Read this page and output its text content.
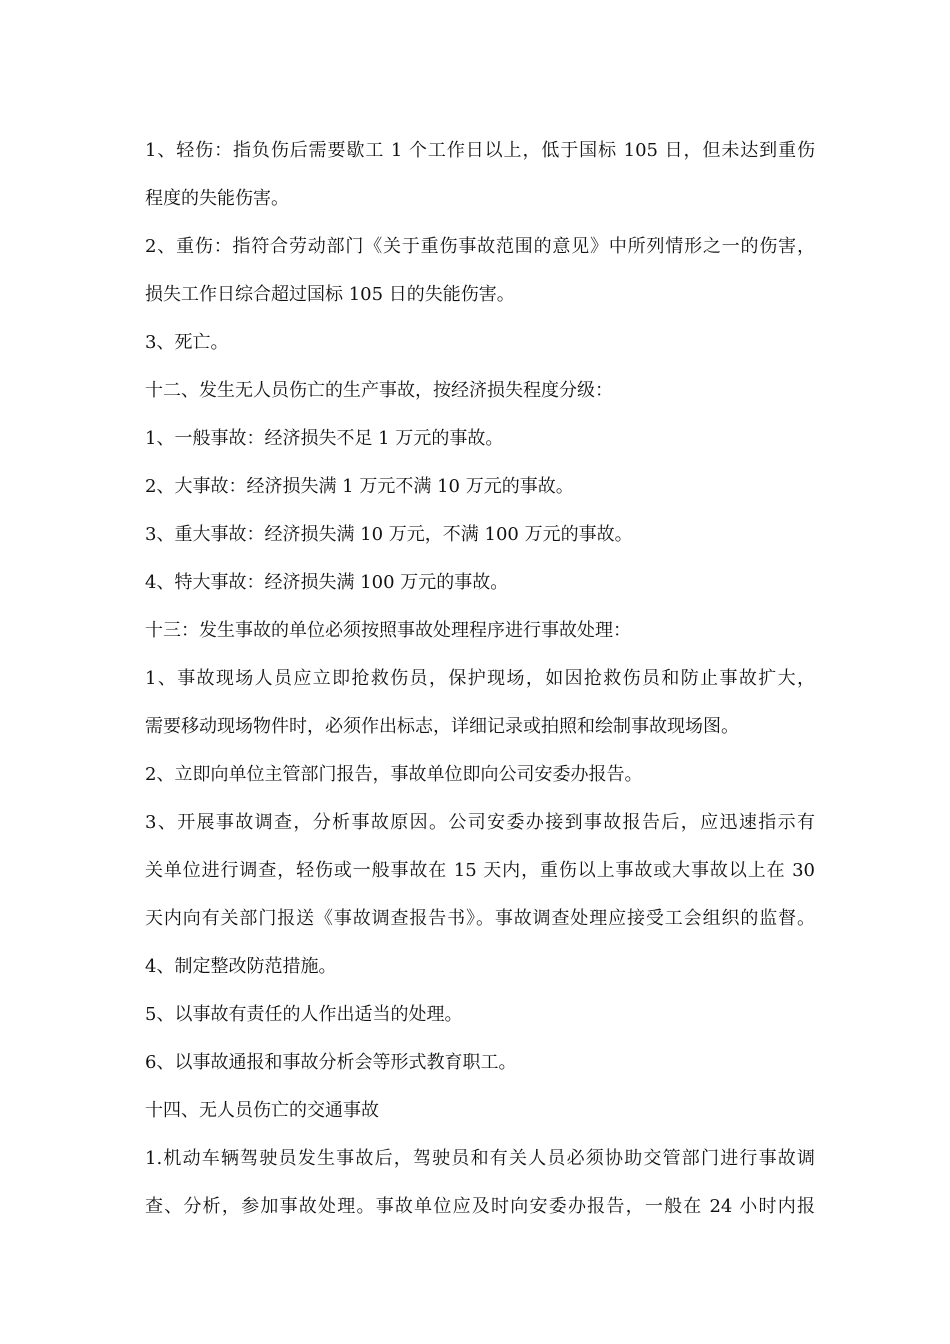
1、轻伤：指负伤后需要歇工 1 个工作日以上，低于国标 105 日，但未达到重伤
程度的失能伤害。
2、重伤：指符合劳动部门《关于重伤事故范围的意见》中所列情形之一的伤害，
损失工作日综合超过国标 105 日的失能伤害。
3、死亡。
十二、发生无人员伤亡的生产事故，按经济损失程度分级：
1、一般事故：经济损失不足 1 万元的事故。
2、大事故：经济损失满 1 万元不满 10 万元的事故。
3、重大事故：经济损失满 10 万元，不满 100 万元的事故。
4、特大事故：经济损失满 100 万元的事故。
十三：发生事故的单位必须按照事故处理程序进行事故处理：
1、事故现场人员应立即抢救伤员，保护现场，如因抢救伤员和防止事故扩大，
需要移动现场物件时，必须作出标志，详细记录或拍照和绘制事故现场图。
2、立即向单位主管部门报告，事故单位即向公司安委办报告。
3、开展事故调查，分析事故原因。公司安委办接到事故报告后，应迅速指示有
关单位进行调查，轻伤或一般事故在 15 天内，重伤以上事故或大事故以上在 30
天内向有关部门报送《事故调查报告书》。事故调查处理应接受工会组织的监督。
4、制定整改防范措施。
5、以事故有责任的人作出适当的处理。
6、以事故通报和事故分析会等形式教育职工。
十四、无人员伤亡的交通事故
1.机动车辆驾驶员发生事故后，驾驶员和有关人员必须协助交管部门进行事故调
查、分析，参加事故处理。事故单位应及时向安委办报告，一般在 24 小时内报
